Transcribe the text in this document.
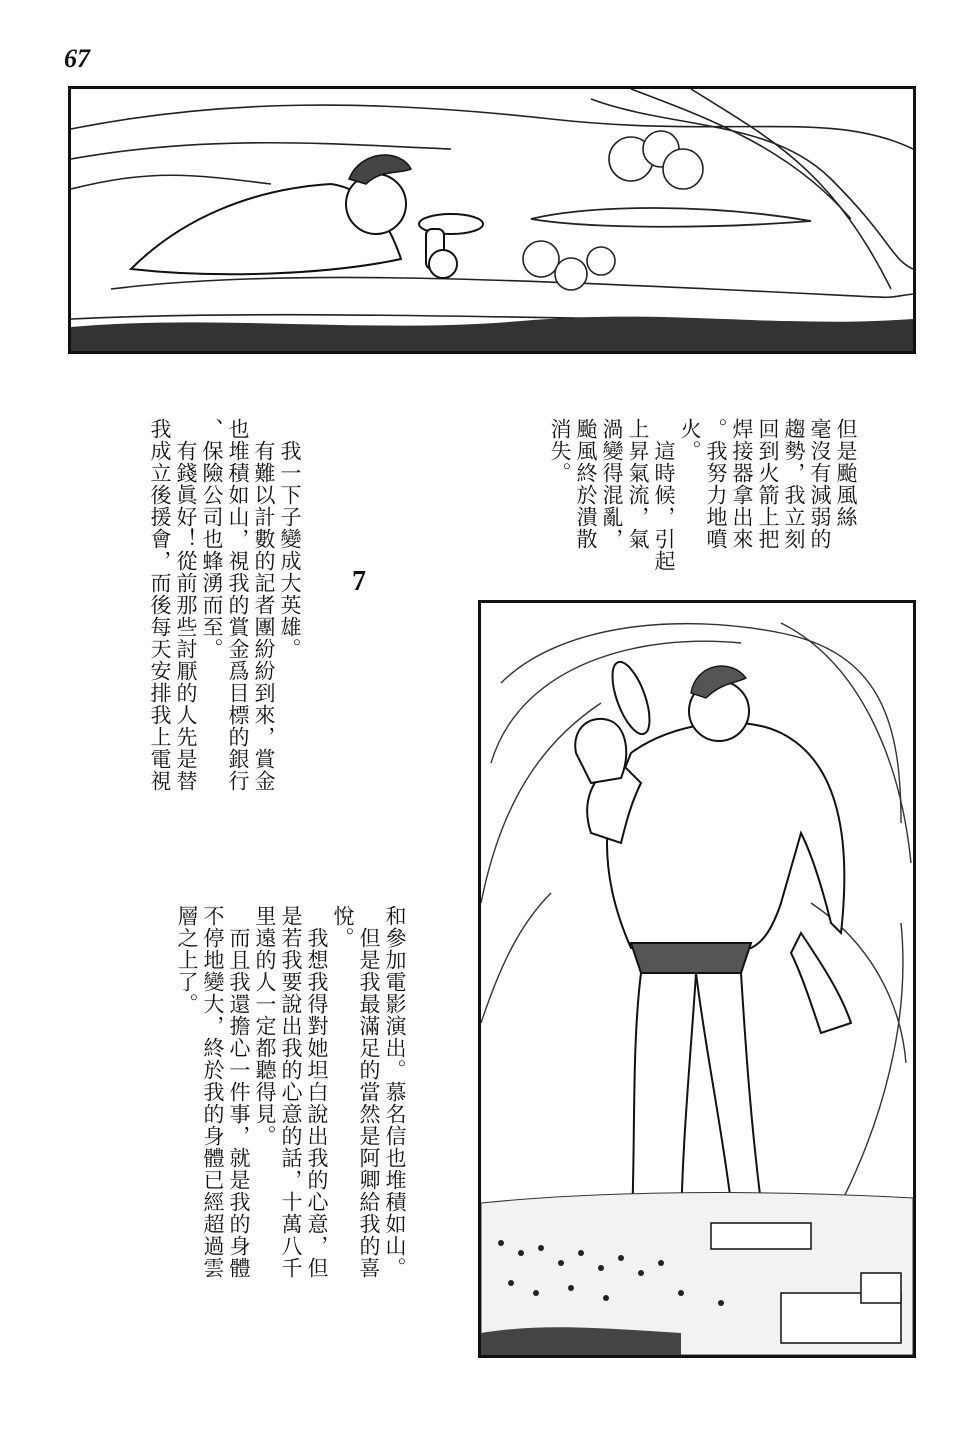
67

但是颱風絲

毫沒有減弱的

趨勢，我立刻

回到火箭上把

焊接器拿出來

。我努力地噴

火。

　這時候，引起

上昇氣流，氣

渦變得混亂，

颱風終於潰散

消失。

7

　我一下子變成大英雄。

　有難以計數的記者團紛紛到來，賞金

也堆積如山，視我的賞金爲目標的銀行

、保險公司也蜂湧而至。

　有錢眞好！從前那些討厭的人先是替

我成立後援會，而後每天安排我上電視

和參加電影演出。慕名信也堆積如山。

　但是我最滿足的當然是阿卿給我的喜

悅。

　我想我得對她坦白說出我的心意，但

是若我要說出我的心意的話，十萬八千

里遠的人一定都聽得見。

　而且我還擔心一件事，就是我的身體

不停地變大，終於我的身體已經超過雲

層之上了。
